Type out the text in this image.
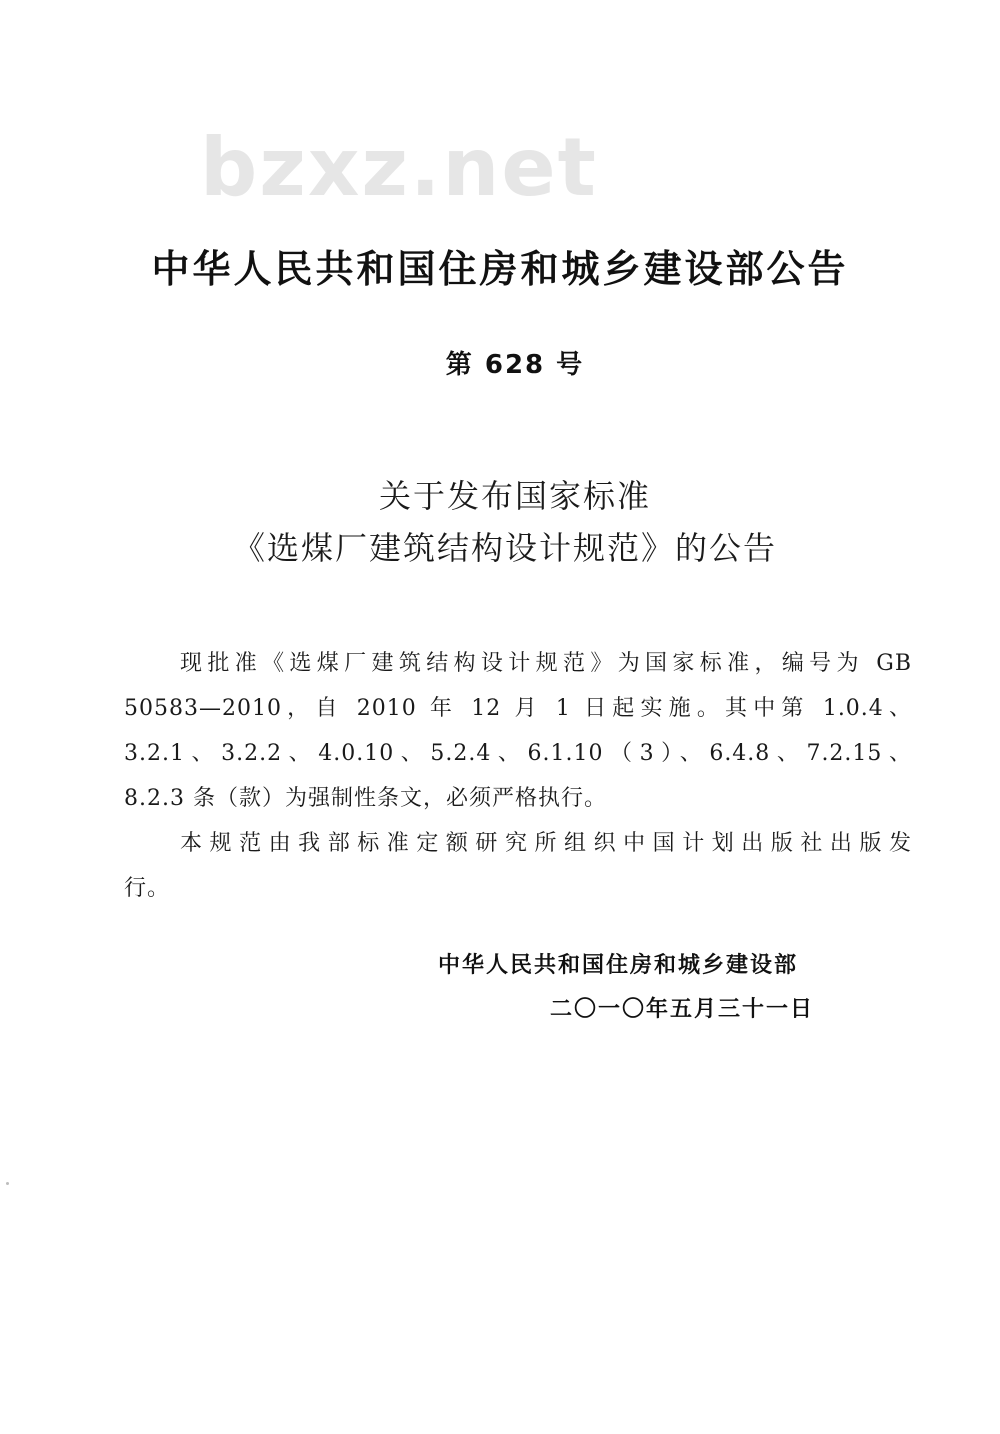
bzxz.net
中华人民共和国住房和城乡建设部公告
第 628 号
关于发布国家标准
《选煤厂建筑结构设计规范》的公告
现批准《选煤厂建筑结构设计规范》为国家标准，编号为 GB
50583—2010，自 2010 年 12 月 1 日起实施。其中第 1.0.4、
3.2.1、3.2.2、4.0.10、5.2.4、6.1.10（3）、6.4.8、7.2.15、
8.2.3 条（款）为强制性条文，必须严格执行。
本规范由我部标准定额研究所组织中国计划出版社出版发
行。
中华人民共和国住房和城乡建设部
二〇一〇年五月三十一日
